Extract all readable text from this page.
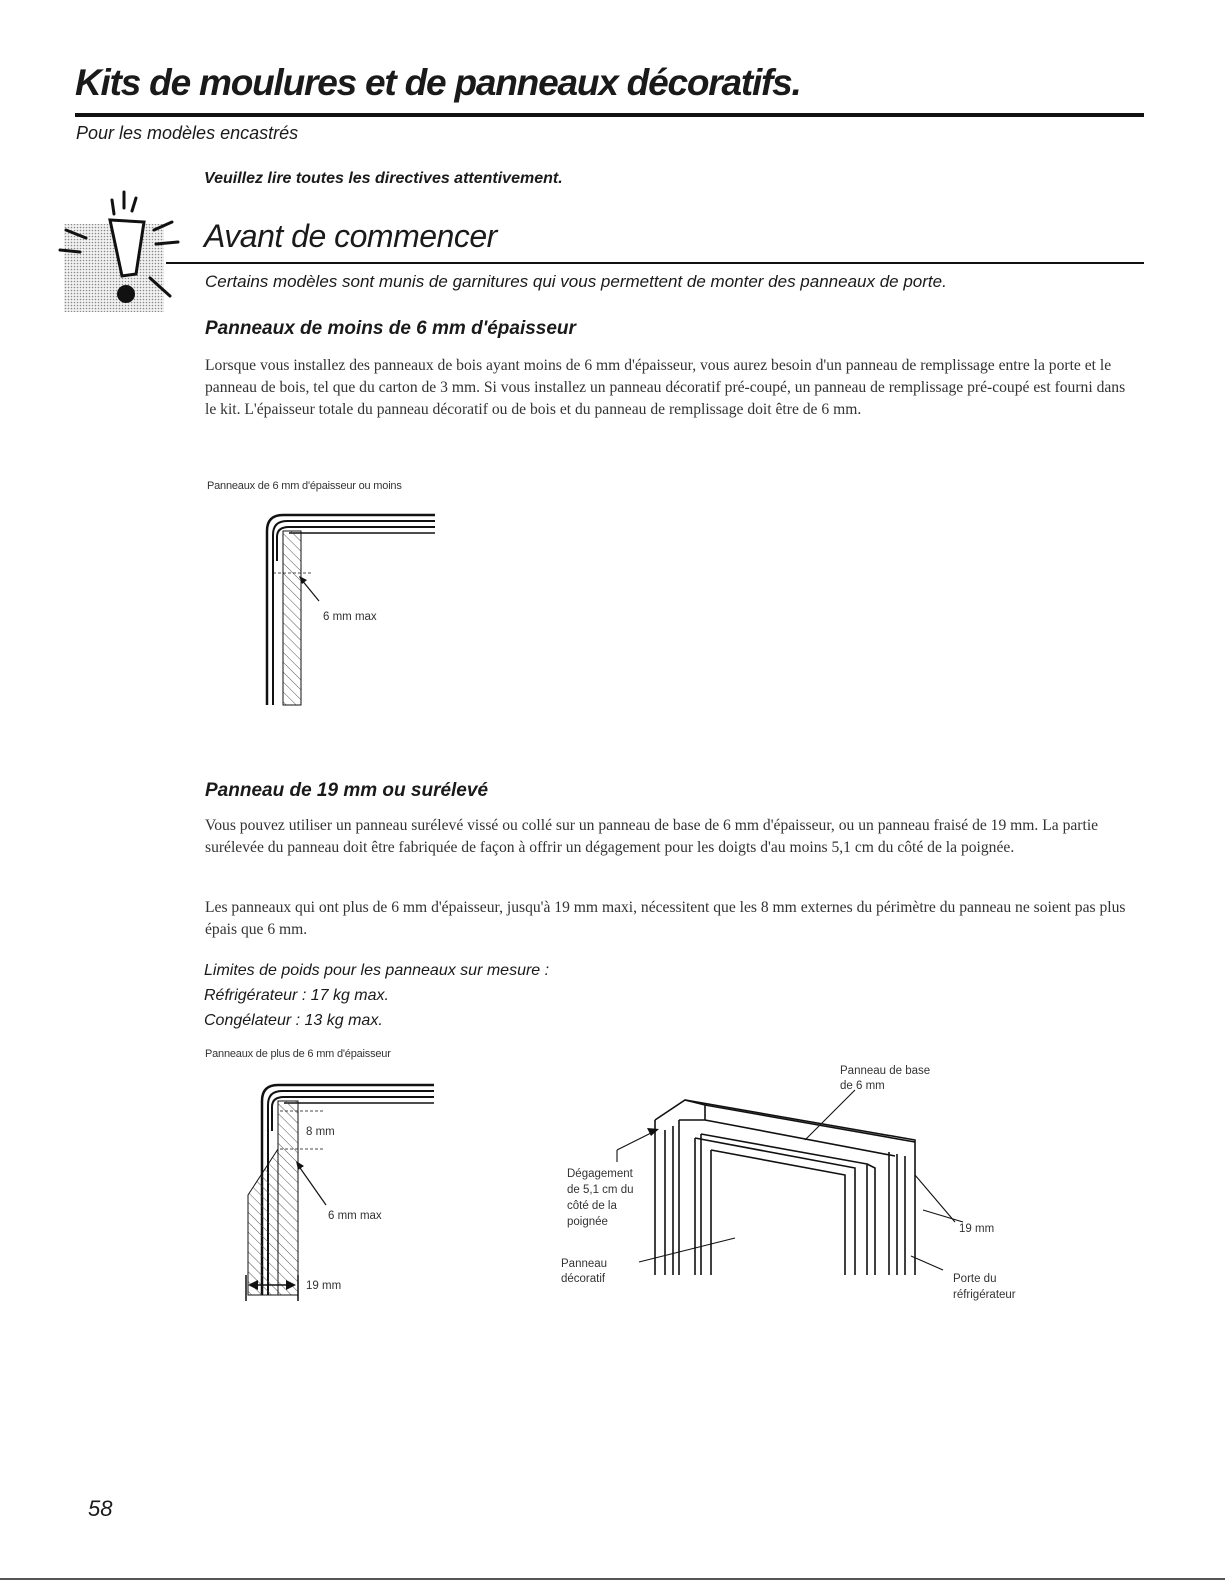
Kits de moulures et de panneaux décoratifs.
Pour les modèles encastrés
Veuillez lire toutes les directives attentivement.
Avant de commencer
Certains modèles sont munis de garnitures qui vous permettent de monter des panneaux de porte.
Panneaux de moins de 6 mm d'épaisseur
Lorsque vous installez des panneaux de bois ayant moins de 6 mm d'épaisseur, vous aurez besoin d'un panneau de remplissage entre la porte et le panneau de bois, tel que du carton de 3 mm. Si vous installez un panneau décoratif pré-coupé, un panneau de remplissage pré-coupé est fourni dans le kit. L'épaisseur totale du panneau décoratif ou de bois et du panneau de remplissage doit être de 6 mm.
Panneaux de 6 mm d'épaisseur ou moins
6 mm max
Panneau de 19 mm ou surélevé
Vous pouvez utiliser un panneau surélevé vissé ou collé sur un panneau de base de 6 mm d'épaisseur, ou un panneau fraisé de 19 mm. La partie surélevée du panneau doit être fabriquée de façon à offrir un dégagement pour les doigts d'au moins 5,1 cm du côté de la poignée.
Les panneaux qui ont plus de 6 mm d'épaisseur, jusqu'à 19 mm maxi, nécessitent que les 8 mm externes du périmètre du panneau ne soient pas plus épais que 6 mm.
Limites de poids pour les panneaux sur mesure :
Réfrigérateur : 17 kg max.
Congélateur : 13 kg max.
Panneaux de plus de 6 mm d'épaisseur
8 mm
6 mm max
19 mm
Panneau de base
de 6 mm
Dégagement
de 5,1 cm du
côté de la
poignée
Panneau
décoratif
19 mm
Porte du
réfrigérateur
58
